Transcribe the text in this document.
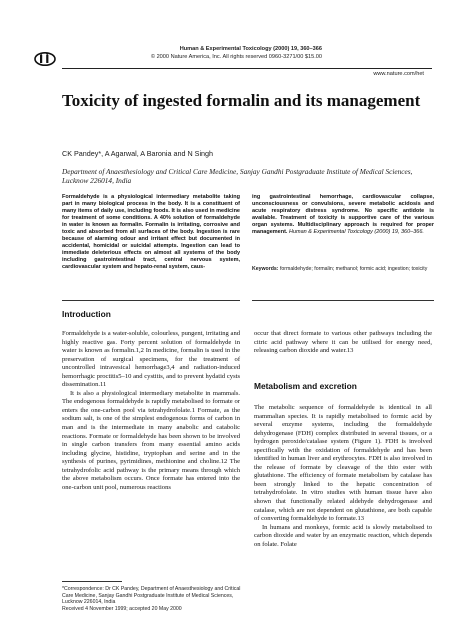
Human & Experimental Toxicology (2000) 19, 360–366
© 2000 Nature America, Inc. All rights reserved 0960-3271/00 $15.00
www.nature.com/het
Toxicity of ingested formalin and its management
CK Pandey*, A Agarwal, A Baronia and N Singh
Department of Anaesthesiology and Critical Care Medicine, Sanjay Gandhi Postgraduate Institute of Medical Sciences, Lucknow 226014, India
Formaldehyde is a physiological intermediary metabolite taking part in many biological process in the body. It is a constituent of many items of daily use, including foods. It is also used in medicine for treatment of some conditions. A 40% solution of formaldehyde in water is known as formalin. Formalin is irritating, corrosive and toxic and absorbed from all surfaces of the body. Ingestion is rare because of alarming odour and irritant effect but documented in accidental, homicidal or suicidal attempts. Ingestion can lead to immediate deleterious effects on almost all systems of the body including gastrointestinal tract, central nervous system, cardiovascular system and hepato-renal system, caus-
ing gastrointestinal hemorrhage, cardiovascular collapse, unconsciousness or convulsions, severe metabolic acidosis and acute respiratory distress syndrome. No specific antidote is available. Treatment of toxicity is supportive care of the various organ systems. Multidisciplinary approach is required for proper management. Human & Experimental Toxicology (2000) 19, 360–366.
Keywords: formaldehyde; formalin; methanol; formic acid; ingestion; toxicity
Introduction

Formaldehyde is a water-soluble, colourless, pungent, irritating and highly reactive gas. Forty percent solution of formaldehyde in water is known as formalin.1,2 In medicine, formalin is used in the preservation of surgical specimens, for the treatment of uncontrolled intravesical hemorrhage3,4 and radiation-induced hemorrhagic proctitis5–10 and cystitis, and to prevent hydatid cysts dissemination.11

It is also a physiological intermediary metabolite in mammals. The endogenous formaldehyde is rapidly metabolised to formate or enters the one-carbon pool via tetrahydrofolate.1 Formate, as the sodium salt, is one of the simplest endogenous forms of carbon in man and is the intermediate in many anabolic and catabolic reactions. Formate or formaldehyde has been shown to be involved in single carbon transfers from many essential amino acids including glycine, histidine, tryptophan and serine and in the synthesis of purines, pyrimidines, methionine and choline.12 The tetrahydrofolic acid pathway is the primary means through which the above metabolism occurs. Once formate has entered into the one-carbon unit pool, numerous reactions

occur that direct formate to various other pathways including the citric acid pathway where it can be utilised for energy need, releasing carbon dioxide and water.13

Metabolism and excretion

The metabolic sequence of formaldehyde is identical in all mammalian species. It is rapidly metabolised to formic acid by several enzyme systems, including the formaldehyde dehydrogenase (FDH) complex distributed in several tissues, or a hydrogen peroxide/catalase system (Figure 1). FDH is involved specifically with the oxidation of formaldehyde and has been identified in human liver and erythrocytes. FDH is also involved in the release of formate by cleavage of the thio ester with glutathione. The efficiency of formate metabolism by catalase has been strongly linked to the hepatic concentration of tetrahydrofolate. In vitro studies with human tissue have also shown that functionally related aldehyde dehydrogenase and catalase, which are not dependent on glutathione, are both capable of converting formaldehyde to formate.13

In humans and monkeys, formic acid is slowly metabolised to carbon dioxide and water by an enzymatic reaction, which depends on folate. Folate

*Correspondence: Dr CK Pandey, Department of Anaesthesiology and Critical Care Medicine, Sanjay Gandhi Postgraduate Institute of Medical Sciences, Lucknow 226014, India
Received 4 November 1999; accepted 20 May 2000
